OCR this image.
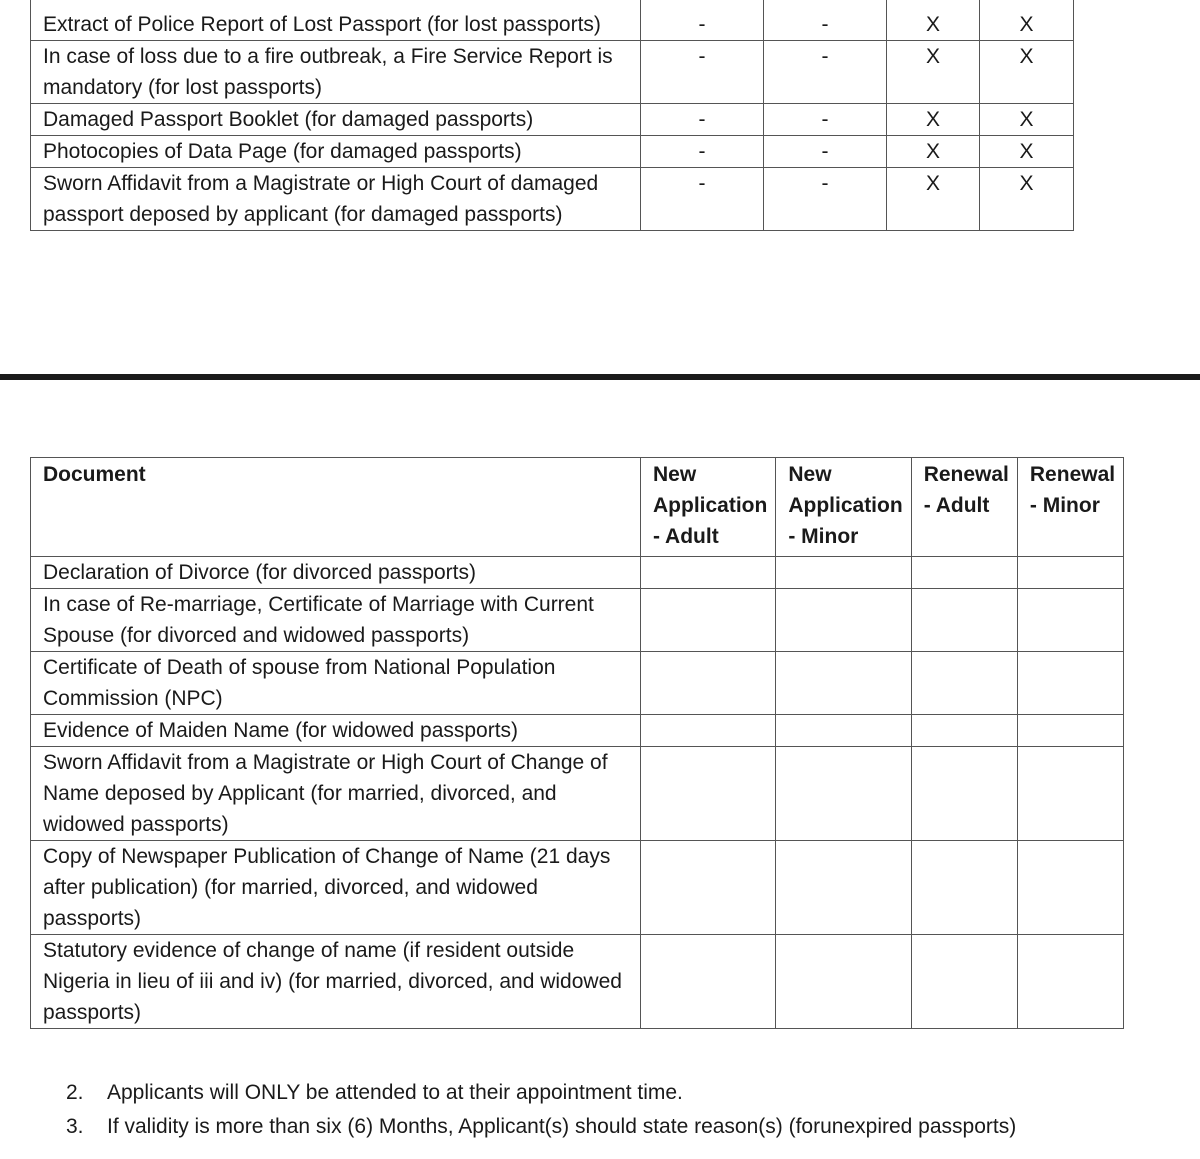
Extract of Police Report of Lost Passport (for lost passports)	-	-	X	X
In case of loss due to a fire outbreak, a Fire Service Report is mandatory (for lost passports)	-	-	X	X
Damaged Passport Booklet (for damaged passports)	-	-	X	X
Photocopies of Data Page (for damaged passports)	-	-	X	X
Sworn Affidavit from a Magistrate or High Court of damaged passport deposed by applicant (for damaged passports)	-	-	X	X
Document	New Application - Adult	New Application - Minor	Renewal - Adult	Renewal - Minor
Declaration of Divorce (for divorced passports)				
In case of Re-marriage, Certificate of Marriage with Current Spouse (for divorced and widowed passports)				
Certificate of Death of spouse from National Population Commission (NPC)				
Evidence of Maiden Name (for widowed passports)				
Sworn Affidavit from a Magistrate or High Court of Change of Name deposed by Applicant (for married, divorced, and widowed passports)				
Copy of Newspaper Publication of Change of Name (21 days after publication) (for married, divorced, and widowed passports)				
Statutory evidence of change of name (if resident outside Nigeria in lieu of iii and iv) (for married, divorced, and widowed passports)				
2.	Applicants will ONLY be attended to at their appointment time.
3.	If validity is more than six (6) Months, Applicant(s) should state reason(s) (forunexpired passports)
